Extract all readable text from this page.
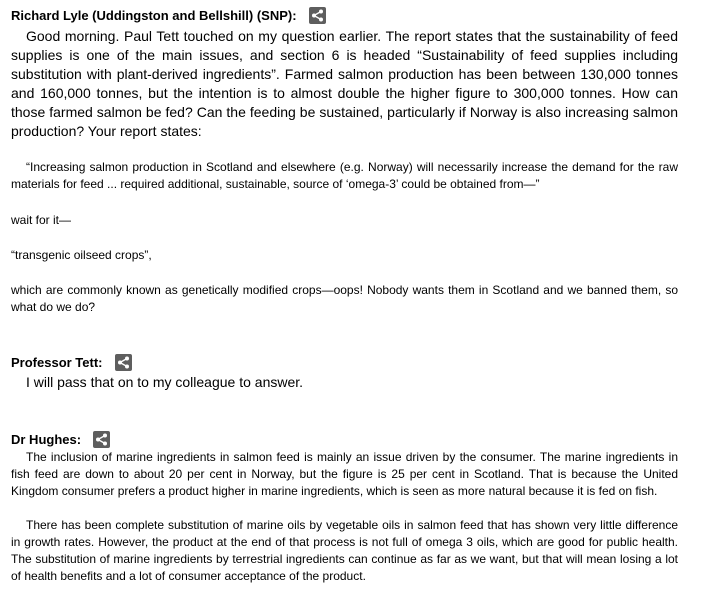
Richard Lyle (Uddingston and Bellshill) (SNP):

Good morning. Paul Tett touched on my question earlier. The report states that the sustainability of feed supplies is one of the main issues, and section 6 is headed “Sustainability of feed supplies including substitution with plant-derived ingredients”. Farmed salmon production has been between 130,000 tonnes and 160,000 tonnes, but the intention is to almost double the higher figure to 300,000 tonnes. How can those farmed salmon be fed? Can the feeding be sustained, particularly if Norway is also increasing salmon production? Your report states:

“Increasing salmon production in Scotland and elsewhere (e.g. Norway) will necessarily increase the demand for the raw materials for feed ... required additional, sustainable, source of ‘omega-3’ could be obtained from—”

wait for it—

“transgenic oilseed crops”,

which are commonly known as genetically modified crops—oops! Nobody wants them in Scotland and we banned them, so what do we do?

Professor Tett:

I will pass that on to my colleague to answer.

Dr Hughes:

The inclusion of marine ingredients in salmon feed is mainly an issue driven by the consumer. The marine ingredients in fish feed are down to about 20 per cent in Norway, but the figure is 25 per cent in Scotland. That is because the United Kingdom consumer prefers a product higher in marine ingredients, which is seen as more natural because it is fed on fish.

There has been complete substitution of marine oils by vegetable oils in salmon feed that has shown very little difference in growth rates. However, the product at the end of that process is not full of omega 3 oils, which are good for public health. The substitution of marine ingredients by terrestrial ingredients can continue as far as we want, but that will mean losing a lot of health benefits and a lot of consumer acceptance of the product.
